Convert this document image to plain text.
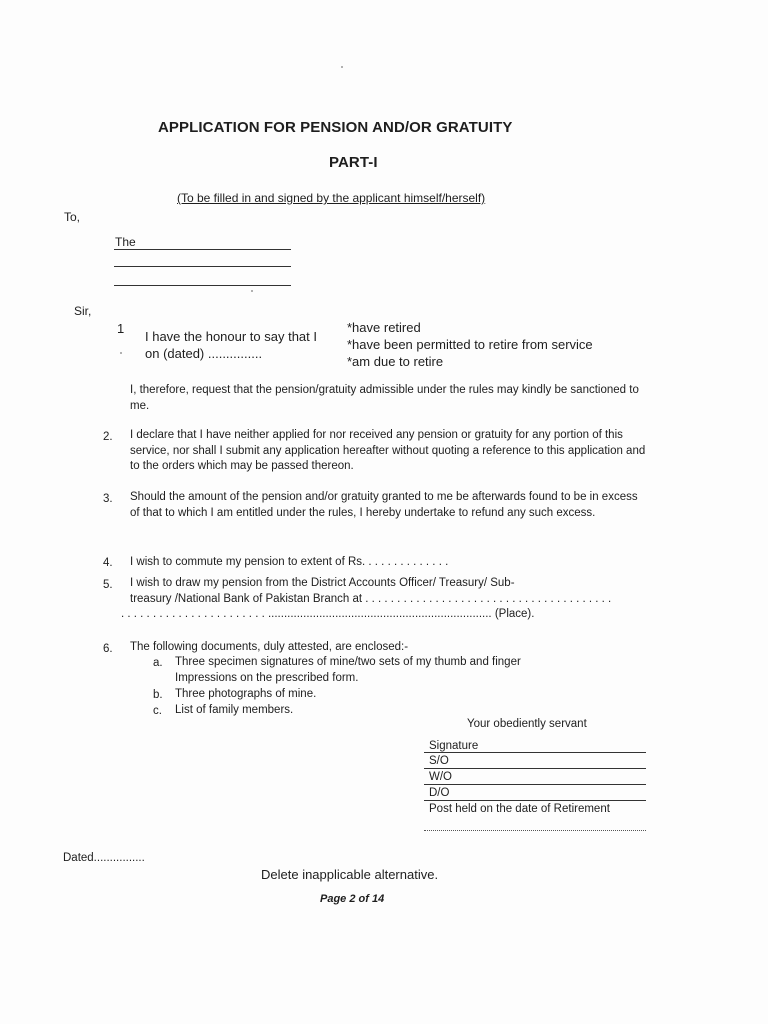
APPLICATION FOR PENSION AND/OR GRATUITY
PART-I
(To be filled in and signed by the applicant himself/herself)
To,
The
Sir,
1
I have the honour to say that I
on (dated) ...............
*have retired
*have been permitted to retire from service
*am due to retire
I, therefore, request that the pension/gratuity admissible under the rules may kindly be sanctioned to me.
2. I declare that I have neither applied for nor received any pension or gratuity for any portion of this service, nor shall I submit any application hereafter without quoting a reference to this application and to the orders which may be passed thereon.
3. Should the amount of the pension and/or gratuity granted to me be afterwards found to be in excess of that to which I am entitled under the rules, I hereby undertake to refund any such excess.
4. I wish to commute my pension to extent of Rs. . . . . . . . . . . . . .
5. I wish to draw my pension from the District Accounts Officer/ Treasury/ Sub-
treasury /National Bank of Pakistan Branch at . . . . . . . . . . . . . . . . . . . . . . . . . . . . . . . . . . . . . . .
. . . . . . . . . . . . . . . . . . . . . . . ...................................................................... (Place).
6. The following documents, duly attested, are enclosed:-
a. Three specimen signatures of mine/two sets of my thumb and finger
Impressions on the prescribed form.
b. Three photographs of mine.
c. List of family members.
Your obediently servant
Signature
S/O
W/O
D/O
Post held on the date of Retirement
Dated................
Delete inapplicable alternative.
Page 2 of 14
